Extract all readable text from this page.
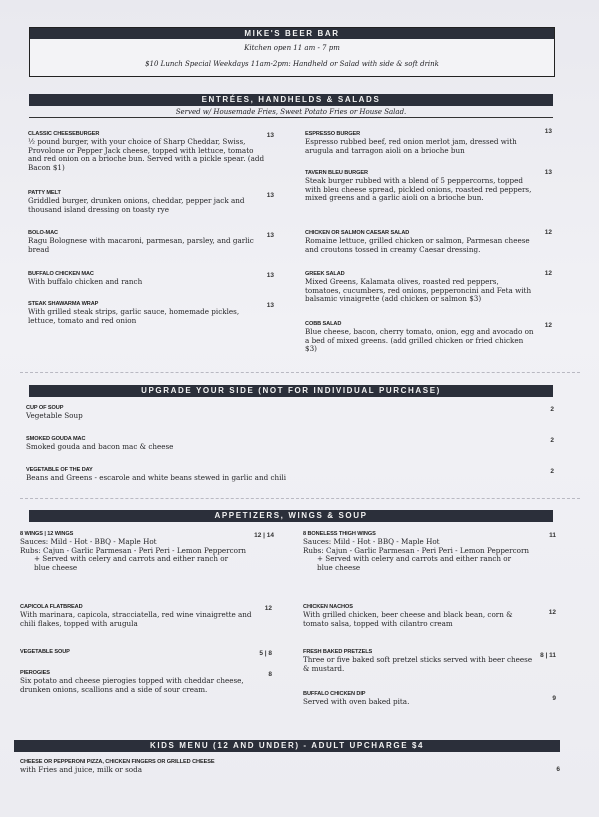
MIKE'S BEER BAR
Kitchen open 11 am - 7 pm
$10 Lunch Special Weekdays 11am-2pm: Handheld or Salad with side & soft drink
ENTRÉES, HANDHELDS & SALADS
Served w/ Housemade Fries, Sweet Potato Fries or House Salad.
CLASSIC CHEESEBURGER
½ pound burger, with your choice of Sharp Cheddar, Swiss, Provolone or Pepper Jack cheese, topped with lettuce, tomato and red onion on a brioche bun. Served with a pickle spear. (add Bacon $1)
13
PATTY MELT
Griddled burger, drunken onions, cheddar, pepper jack and thousand island dressing on toasty rye
13
BOLO-MAC
Ragu Bolognese with macaroni, parmesan, parsley, and garlic bread
13
BUFFALO CHICKEN MAC
With buffalo chicken and ranch
13
STEAK SHAWARMA WRAP
With grilled steak strips, garlic sauce, homemade pickles, lettuce, tomato and red onion
13
ESPRESSO BURGER
Espresso rubbed beef, red onion merlot jam, dressed with arugula and tarragon aioli on a brioche bun
13
TAVERN BLEU BURGER
Steak burger rubbed with a blend of 5 peppercorns, topped with bleu cheese spread, pickled onions, roasted red peppers, mixed greens and a garlic aioli on a brioche bun.
13
CHICKEN OR SALMON CAESAR SALAD
Romaine lettuce, grilled chicken or salmon, Parmesan cheese and croutons tossed in creamy Caesar dressing.
12
GREEK SALAD
Mixed Greens, Kalamata olives, roasted red peppers, tomatoes, cucumbers, red onions, pepperoncini and Feta with balsamic vinaigrette (add chicken or salmon $3)
12
COBB SALAD
Blue cheese, bacon, cherry tomato, onion, egg and avocado on a bed of mixed greens. (add grilled chicken or fried chicken $3)
12
UPGRADE YOUR SIDE (NOT FOR INDIVIDUAL PURCHASE)
CUP OF SOUP
Vegetable Soup
2
SMOKED GOUDA MAC
Smoked gouda and bacon mac & cheese
2
VEGETABLE OF THE DAY
Beans and Greens - escarole and white beans stewed in garlic and chili
2
APPETIZERS, WINGS & SOUP
8 WINGS | 12 WINGS
Sauces: Mild - Hot - BBQ - Maple Hot
Rubs: Cajun - Garlic Parmesan - Peri Peri - Lemon Peppercorn
+ Served with celery and carrots and either ranch or blue cheese
12 | 14
CAPICOLA FLATBREAD
With marinara, capicola, stracciatella, red wine vinaigrette and chili flakes, topped with arugula
12
VEGETABLE SOUP	5 | 8
PIEROGIES
Six potato and cheese pierogies topped with cheddar cheese, drunken onions, scallions and a side of sour cream.
8
8 BONELESS THIGH WINGS
Sauces: Mild - Hot - BBQ - Maple Hot
Rubs: Cajun - Garlic Parmesan - Peri Peri - Lemon Peppercorn
+ Served with celery and carrots and either ranch or blue cheese
11
CHICKEN NACHOS
With grilled chicken, beer cheese and black bean, corn & tomato salsa, topped with cilantro cream
12
FRESH BAKED PRETZELS
Three or five baked soft pretzel sticks served with beer cheese & mustard.
8 | 11
BUFFALO CHICKEN DIP
Served with oven baked pita.	9
KIDS MENU (12 AND UNDER) - ADULT UPCHARGE $4
CHEESE OR PEPPERONI PIZZA, CHICKEN FINGERS OR GRILLED CHEESE
with Fries and juice, milk or soda	6
